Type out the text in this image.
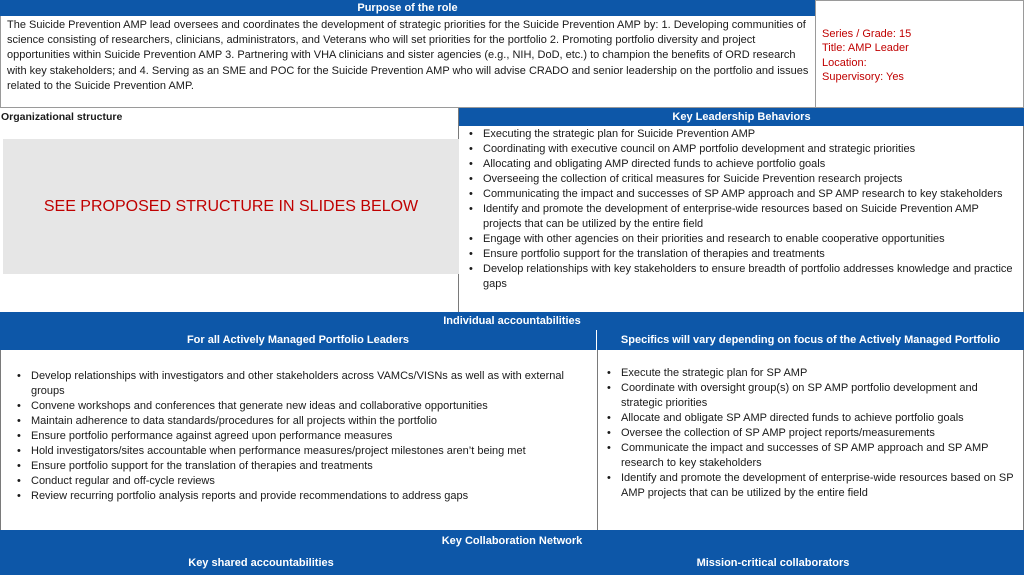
Purpose of the role
The Suicide Prevention AMP lead oversees and coordinates the development of strategic priorities for the Suicide Prevention AMP by: 1. Developing communities of science consisting of researchers, clinicians, administrators, and Veterans who will set priorities for the portfolio 2. Promoting portfolio diversity and project opportunities within Suicide Prevention AMP 3. Partnering with VHA clinicians and sister agencies (e.g., NIH, DoD, etc.) to champion the benefits of ORD research with key stakeholders; and 4. Serving as an SME and POC for the Suicide Prevention AMP who will advise CRADO and senior leadership on the portfolio and issues related to the Suicide Prevention AMP.
Series / Grade: 15
Title: AMP Leader
Location:
Supervisory: Yes
Organizational structure
SEE PROPOSED STRUCTURE IN SLIDES BELOW
Key Leadership Behaviors
• Executing the strategic plan for Suicide Prevention AMP
• Coordinating with executive council on AMP portfolio development and strategic priorities
• Allocating and obligating AMP directed funds to achieve portfolio goals
• Overseeing the collection of critical measures for Suicide Prevention research projects
• Communicating the impact and successes of SP AMP approach and SP AMP research to key stakeholders
• Identify and promote the development of enterprise-wide resources based on Suicide Prevention AMP projects that can be utilized by the entire field
• Engage with other agencies on their priorities and research to enable cooperative opportunities
• Ensure portfolio support for the translation of therapies and treatments
• Develop relationships with key stakeholders to ensure breadth of portfolio addresses knowledge and practice gaps
Individual accountabilities
For all Actively Managed Portfolio Leaders	Specifics will vary depending on focus of the Actively Managed Portfolio
• Develop relationships with investigators and other stakeholders across VAMCs/VISNs as well as with external groups
• Convene workshops and conferences that generate new ideas and collaborative opportunities
• Maintain adherence to data standards/procedures for all projects within the portfolio
• Ensure portfolio performance against agreed upon performance measures
• Hold investigators/sites accountable when performance measures/project milestones aren’t being met
• Ensure portfolio support for the translation of therapies and treatments
• Conduct regular and off-cycle reviews
• Review recurring portfolio analysis reports and provide recommendations to address gaps
• Execute the strategic plan for SP AMP
• Coordinate with oversight group(s) on SP AMP portfolio development and strategic priorities
• Allocate and obligate SP AMP directed funds to achieve portfolio goals
• Oversee the collection of SP AMP project reports/measurements
• Communicate the impact and successes of SP AMP approach and SP AMP research to key stakeholders
• Identify and promote the development of enterprise-wide resources based on SP AMP projects that can be utilized by the entire field
Key Collaboration Network
Key shared accountabilities	Mission-critical collaborators
